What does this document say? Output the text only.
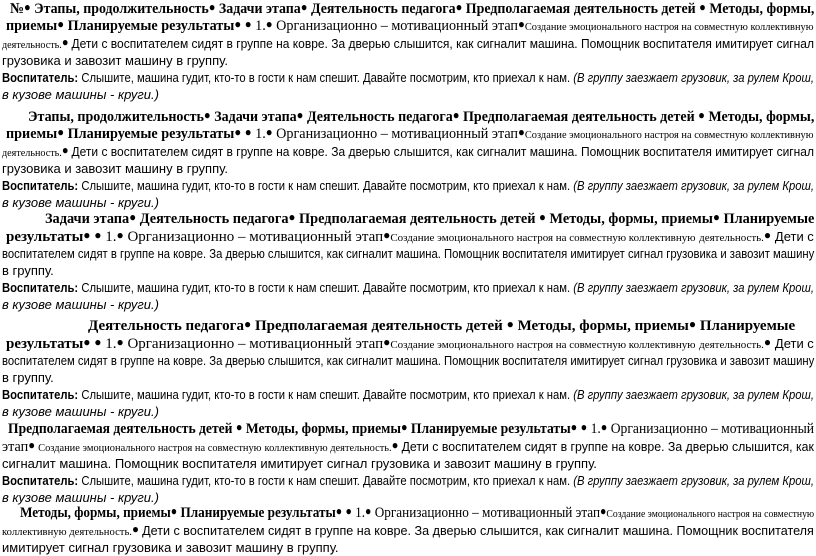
№● Этапы, продолжительность● Задачи этапа● Деятельность педагога● Предполагаемая деятельность детей ● Методы, формы,
приемы● Планируемые результаты● ● 1.● Организационно – мотивационный этап●Создание эмоционального настроя на совместную коллективную
деятельность.● Дети с воспитателем сидят в группе на ковре. За дверью слышится, как сигналит машина. Помощник воспитателя имитирует сигнал
грузовика и завозит машину в группу.
Воспитатель: Слышите, машина гудит, кто-то в гости к нам спешит. Давайте посмотрим, кто приехал к нам. (В группу заезжает грузовик, за рулем Крош,
в кузове машины - круги.)
Этапы, продолжительность● Задачи этапа● Деятельность педагога● Предполагаемая деятельность детей ● Методы, формы,
приемы● Планируемые результаты● ● 1.● Организационно – мотивационный этап●Создание эмоционального настроя на совместную коллективную
деятельность.● Дети с воспитателем сидят в группе на ковре. За дверью слышится, как сигналит машина. Помощник воспитателя имитирует сигнал
грузовика и завозит машину в группу.
Воспитатель: Слышите, машина гудит, кто-то в гости к нам спешит. Давайте посмотрим, кто приехал к нам. (В группу заезжает грузовик, за рулем Крош,
в кузове машины - круги.)
Задачи этапа● Деятельность педагога● Предполагаемая деятельность детей ● Методы, формы, приемы● Планируемые
результаты● ● 1.● Организационно – мотивационный этап●Создание эмоционального настроя на совместную коллективную деятельность.● Дети с
воспитателем сидят в группе на ковре. За дверью слышится, как сигналит машина. Помощник воспитателя имитирует сигнал грузовика и завозит машину
в группу.
Воспитатель: Слышите, машина гудит, кто-то в гости к нам спешит. Давайте посмотрим, кто приехал к нам. (В группу заезжает грузовик, за рулем Крош,
в кузове машины - круги.)
Деятельность педагога● Предполагаемая деятельность детей ● Методы, формы, приемы● Планируемые
результаты● ● 1.● Организационно – мотивационный этап●Создание эмоционального настроя на совместную коллективную деятельность.● Дети с
воспитателем сидят в группе на ковре. За дверью слышится, как сигналит машина. Помощник воспитателя имитирует сигнал грузовика и завозит машину
в группу.
Воспитатель: Слышите, машина гудит, кто-то в гости к нам спешит. Давайте посмотрим, кто приехал к нам. (В группу заезжает грузовик, за рулем Крош,
в кузове машины - круги.)
Предполагаемая деятельность детей ● Методы, формы, приемы● Планируемые результаты● ● 1.● Организационно – мотивационный
этап● Создание эмоционального настроя на совместную коллективную деятельность.● Дети с воспитателем сидят в группе на ковре. За дверью слышится, как
сигналит машина. Помощник воспитателя имитирует сигнал грузовика и завозит машину в группу.
Воспитатель: Слышите, машина гудит, кто-то в гости к нам спешит. Давайте посмотрим, кто приехал к нам. (В группу заезжает грузовик, за рулем Крош,
в кузове машины - круги.)
Методы, формы, приемы● Планируемые результаты● ● 1.● Организационно – мотивационный этап●Создание эмоционального настроя на совместную
коллективную деятельность.● Дети с воспитателем сидят в группе на ковре. За дверью слышится, как сигналит машина. Помощник воспитателя
имитирует сигнал грузовика и завозит машину в группу.
